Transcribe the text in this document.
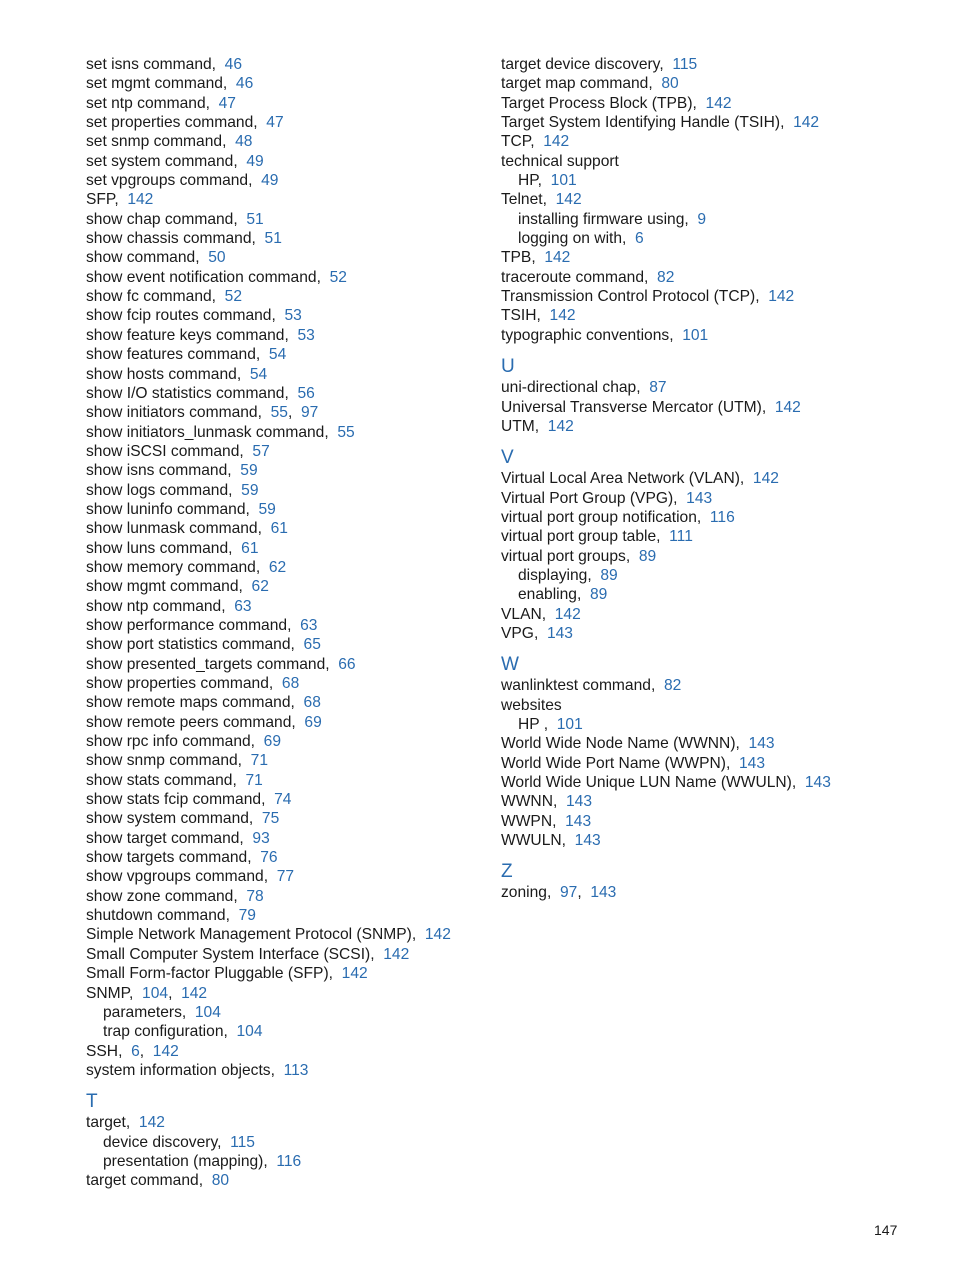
set isns command,  46
set mgmt command,  46
set ntp command,  47
set properties command,  47
set snmp command,  48
set system command,  49
set vpgroups command,  49
SFP,  142
show chap command,  51
show chassis command,  51
show command,  50
show event notification command,  52
show fc command,  52
show fcip routes command,  53
show feature keys command,  53
show features command,  54
show hosts command,  54
show I/O statistics command,  56
show initiators command,  55,  97
show initiators_lunmask command,  55
show iSCSI command,  57
show isns command,  59
show logs command,  59
show luninfo command,  59
show lunmask command,  61
show luns command,  61
show memory command,  62
show mgmt command,  62
show ntp command,  63
show performance command,  63
show port statistics command,  65
show presented_targets command,  66
show properties command,  68
show remote maps command,  68
show remote peers command,  69
show rpc info command,  69
show snmp command,  71
show stats command,  71
show stats fcip command,  74
show system command,  75
show target command,  93
show targets command,  76
show vpgroups command,  77
show zone command,  78
shutdown command,  79
Simple Network Management Protocol (SNMP),  142
Small Computer System Interface (SCSI),  142
Small Form-factor Pluggable (SFP),  142
SNMP,  104,  142
parameters,  104
trap configuration,  104
SSH,  6,  142
system information objects,  113
T
target,  142
device discovery,  115
presentation (mapping),  116
target command,  80
target device discovery,  115
target map command,  80
Target Process Block (TPB),  142
Target System Identifying Handle (TSIH),  142
TCP,  142
technical support
HP,  101
Telnet,  142
installing firmware using,  9
logging on with,  6
TPB,  142
traceroute command,  82
Transmission Control Protocol (TCP),  142
TSIH,  142
typographic conventions,  101
U
uni-directional chap,  87
Universal Transverse Mercator (UTM),  142
UTM,  142
V
Virtual Local Area Network (VLAN),  142
Virtual Port Group (VPG),  143
virtual port group notification,  116
virtual port group table,  111
virtual port groups,  89
displaying,  89
enabling,  89
VLAN,  142
VPG,  143
W
wanlinktest command,  82
websites
HP ,  101
World Wide Node Name (WWNN),  143
World Wide Port Name (WWPN),  143
World Wide Unique LUN Name (WWULN),  143
WWNN,  143
WWPN,  143
WWULN,  143
Z
zoning,  97,  143
147
